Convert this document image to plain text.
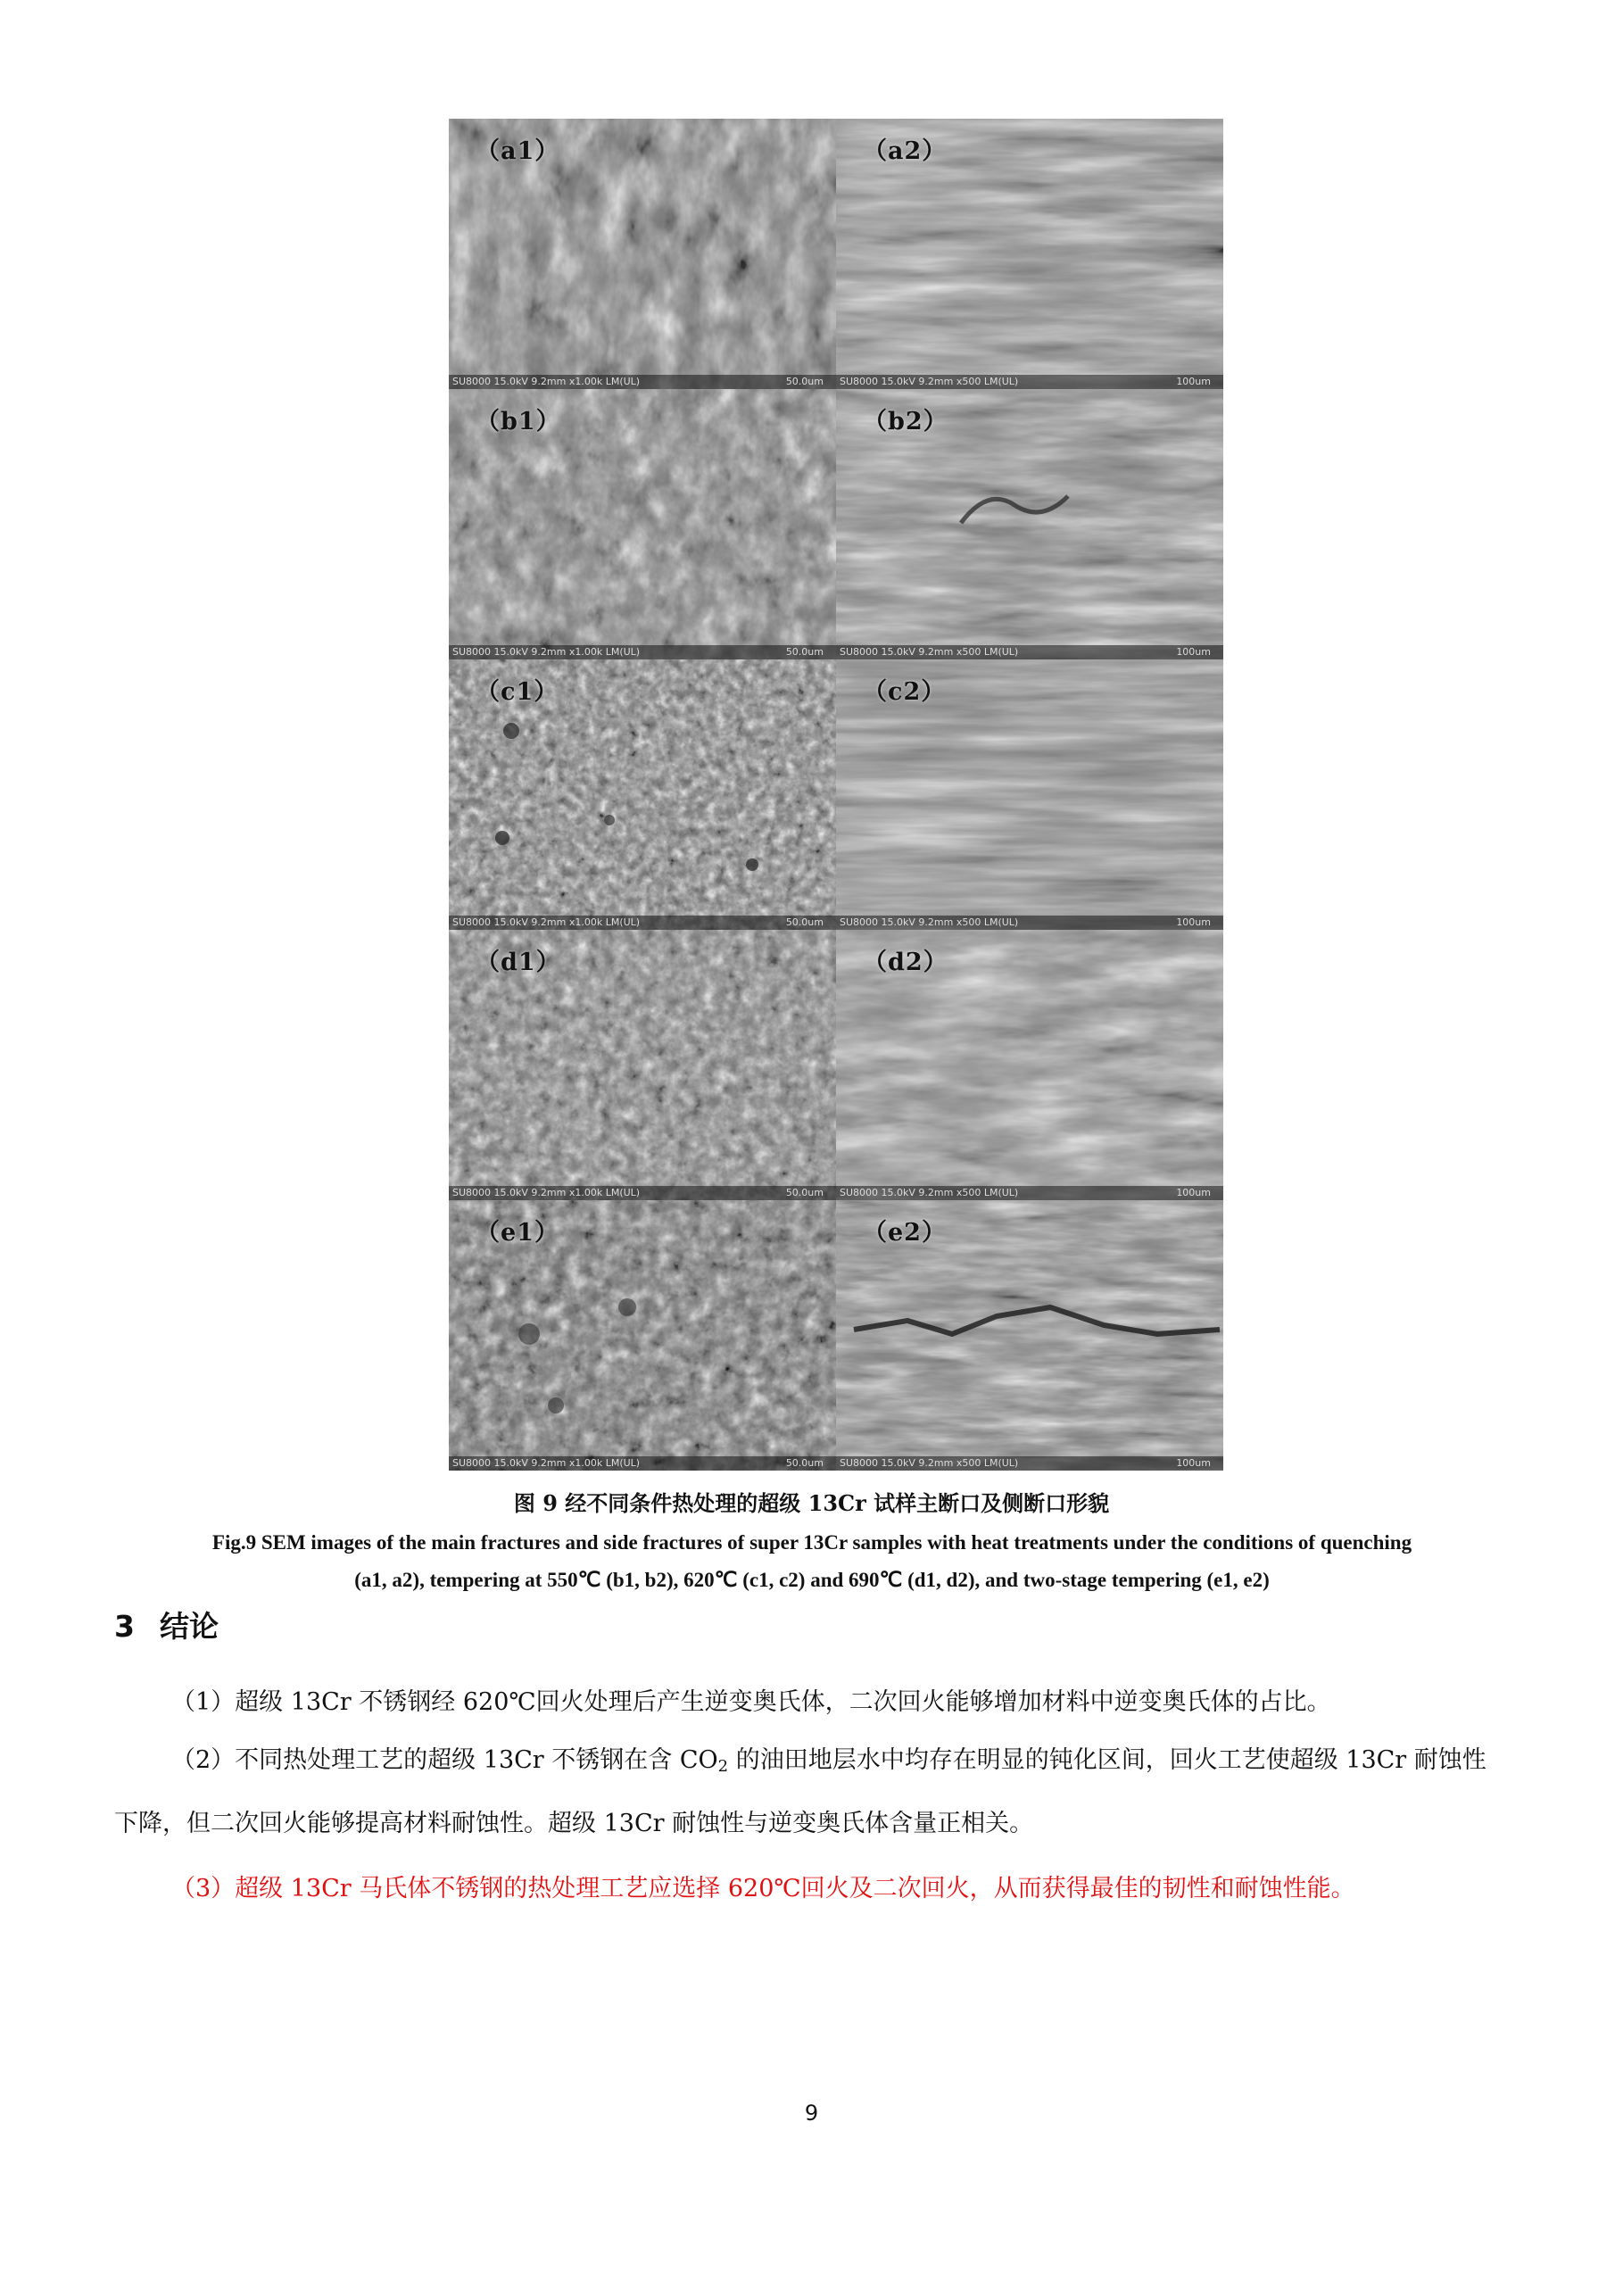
（a1）
SU8000 15.0kV 9.2mm x1.00k LM(UL)	50.0um
（a2）
SU8000 15.0kV 9.2mm x500 LM(UL)	100um
（b1）
SU8000 15.0kV 9.2mm x1.00k LM(UL)	50.0um
（b2）
SU8000 15.0kV 9.2mm x500 LM(UL)	100um
（c1）
SU8000 15.0kV 9.2mm x1.00k LM(UL)	50.0um
（c2）
SU8000 15.0kV 9.2mm x500 LM(UL)	100um
（d1）
SU8000 15.0kV 9.2mm x1.00k LM(UL)	50.0um
（d2）
SU8000 15.0kV 9.2mm x500 LM(UL)	100um
（e1）
SU8000 15.0kV 9.2mm x1.00k LM(UL)	50.0um
（e2）
SU8000 15.0kV 9.2mm x500 LM(UL)	100um
图 9 经不同条件热处理的超级 13Cr 试样主断口及侧断口形貌
Fig.9 SEM images of the main fractures and side fractures of super 13Cr samples with heat treatments under the conditions of quenching (a1, a2), tempering at 550℃ (b1, b2), 620℃ (c1, c2) and 690℃ (d1, d2), and two-stage tempering (e1, e2)
3 结论
（1）超级 13Cr 不锈钢经 620℃回火处理后产生逆变奥氏体，二次回火能够增加材料中逆变奥氏体的占比。
（2）不同热处理工艺的超级 13Cr 不锈钢在含 $CO_2$ 的油田地层水中均存在明显的钝化区间，回火工艺使超级 13Cr 耐蚀性下降，但二次回火能够提高材料耐蚀性。超级 13Cr 耐蚀性与逆变奥氏体含量正相关。
（3）超级 13Cr 马氏体不锈钢的热处理工艺应选择 620℃回火及二次回火，从而获得最佳的韧性和耐蚀性能。
9
